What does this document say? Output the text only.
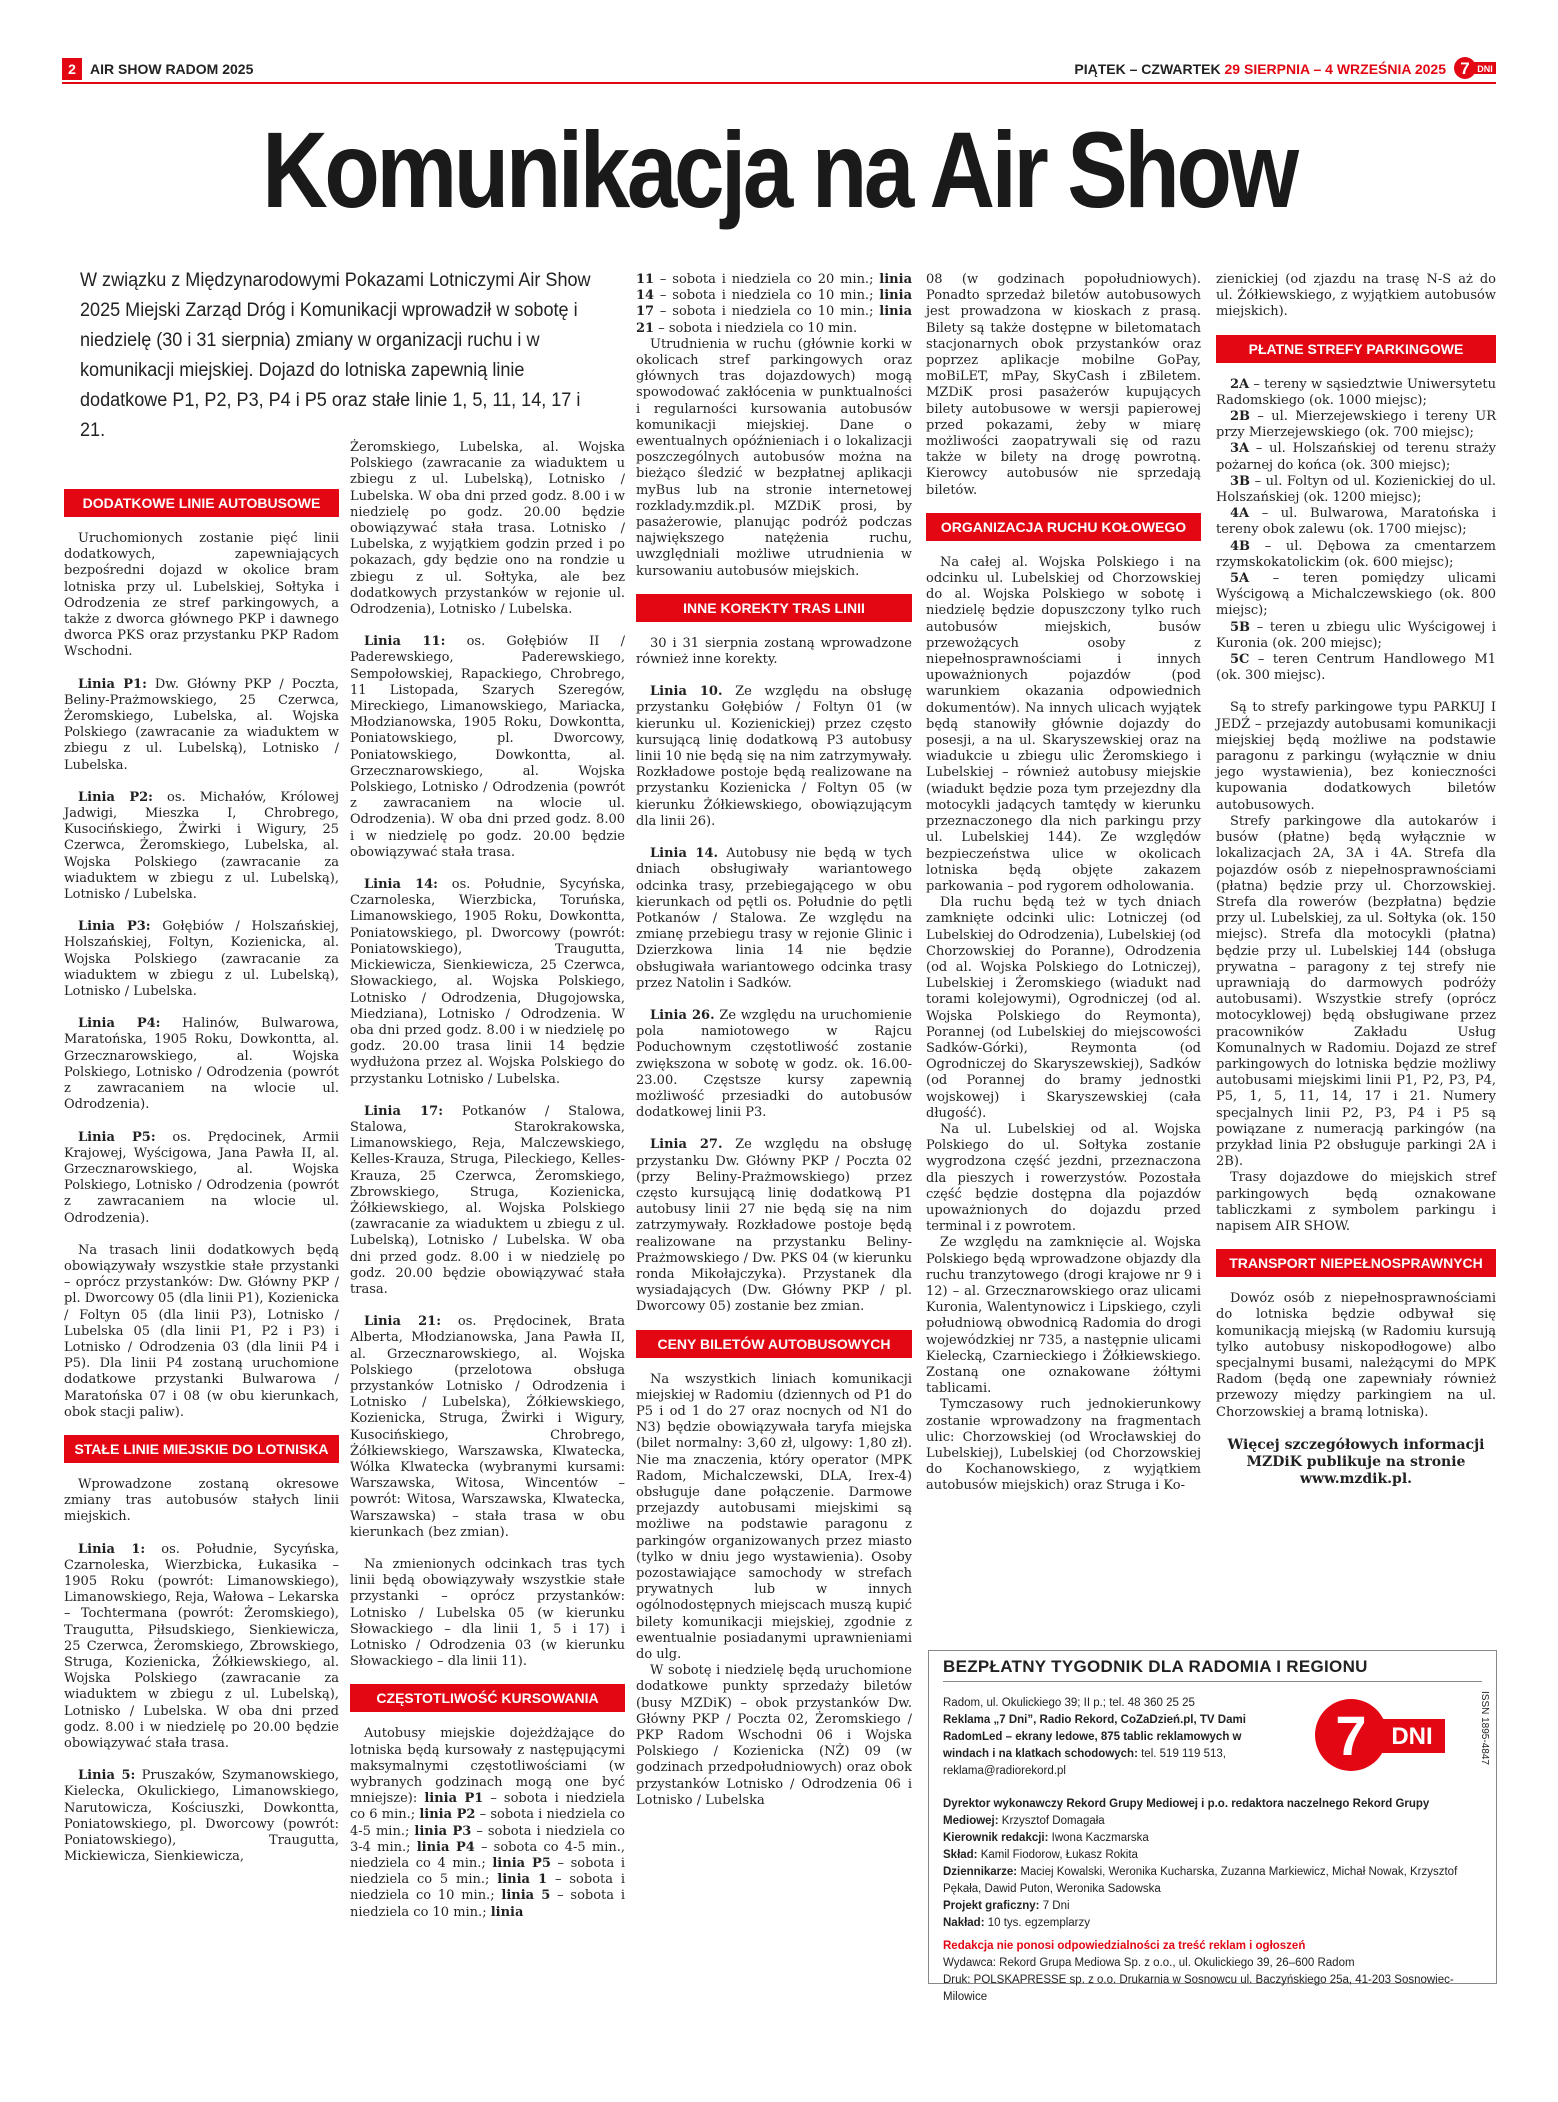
2	AIR SHOW RADOM 2025	PIĄTEK – CZWARTEK 29 SIERPNIA – 4 WRZEŚNIA 2025 7 DNI
Komunikacja na Air Show
W związku z Międzynarodowymi Pokazami Lotniczymi Air Show 2025 Miejski Zarząd Dróg i Komunikacji wprowadził w sobotę i niedzielę (30 i 31 sierpnia) zmiany w organizacji ruchu i w komunikacji miejskiej. Dojazd do lotniska zapewnią linie dodatkowe P1, P2, P3, P4 i P5 oraz stałe linie 1, 5, 11, 14, 17 i 21.
DODATKOWE LINIE AUTOBUSOWE

Uruchomionych zostanie pięć linii dodatkowych, zapewniających bezpośredni dojazd w okolice bram lotniska przy ul. Lubelskiej, Sołtyka i Odrodzenia ze stref parkingowych, a także z dworca głównego PKP i dawnego dworca PKS oraz przystanku PKP Radom Wschodni.

Linia P1: Dw. Główny PKP / Poczta, Beliny-Prażmowskiego, 25 Czerwca, Żeromskiego, Lubelska, al. Wojska Polskiego (zawracanie za wiaduktem w zbiegu z ul. Lubelską), Lotnisko / Lubelska.

Linia P2: os. Michałów, Królowej Jadwigi, Mieszka I, Chrobrego, Kusocińskiego, Żwirki i Wigury, 25 Czerwca, Żeromskiego, Lubelska, al. Wojska Polskiego (zawracanie za wiaduktem w zbiegu z ul. Lubelską), Lotnisko / Lubelska.

Linia P3: Gołębiów / Holszańskiej, Holszańskiej, Foltyn, Kozienicka, al. Wojska Polskiego (zawracanie za wiaduktem w zbiegu z ul. Lubelską), Lotnisko / Lubelska.

Linia P4: Halinów, Bulwarowa, Maratońska, 1905 Roku, Dowkontta, al. Grzecznarowskiego, al. Wojska Polskiego, Lotnisko / Odrodzenia (powrót z zawracaniem na wlocie ul. Odrodzenia).

Linia P5: os. Prędocinek, Armii Krajowej, Wyścigowa, Jana Pawła II, al. Grzecznarowskiego, al. Wojska Polskiego, Lotnisko / Odrodzenia (powrót z zawracaniem na wlocie ul. Odrodzenia).

Na trasach linii dodatkowych będą obowiązywały wszystkie stałe przystanki – oprócz przystanków: Dw. Główny PKP / pl. Dworcowy 05 (dla linii P1), Kozienicka / Foltyn 05 (dla linii P3), Lotnisko / Lubelska 05 (dla linii P1, P2 i P3) i Lotnisko / Odrodzenia 03 (dla linii P4 i P5). Dla linii P4 zostaną uruchomione dodatkowe przystanki Bulwarowa / Maratońska 07 i 08 (w obu kierunkach, obok stacji paliw).

STAŁE LINIE MIEJSKIE DO LOTNISKA

Wprowadzone zostaną okresowe zmiany tras autobusów stałych linii miejskich.

Linia 1: os. Południe, Sycyńska, Czarnoleska, Wierzbicka, Łukasika – 1905 Roku (powrót: Limanowskiego), Limanowskiego, Reja, Wałowa – Lekarska – Tochtermana (powrót: Żeromskiego), Traugutta, Piłsudskiego, Sienkiewicza, 25 Czerwca, Żeromskiego, Zbrowskiego, Struga, Kozienicka, Żółkiewskiego, al. Wojska Polskiego (zawracanie za wiaduktem w zbiegu z ul. Lubelską), Lotnisko / Lubelska. W oba dni przed godz. 8.00 i w niedzielę po 20.00 będzie obowiązywać stała trasa.

Linia 5: Pruszaków, Szymanowskiego, Kielecka, Okulickiego, Limanowskiego, Narutowicza, Kościuszki, Dowkontta, Poniatowskiego, pl. Dworcowy (powrót: Poniatowskiego), Traugutta, Mickiewicza, Sienkiewicza,

Żeromskiego, Lubelska, al. Wojska Polskiego (zawracanie za wiaduktem u zbiegu z ul. Lubelską), Lotnisko / Lubelska. W oba dni przed godz. 8.00 i w niedzielę po godz. 20.00 będzie obowiązywać stała trasa. Lotnisko / Lubelska, z wyjątkiem godzin przed i po pokazach, gdy będzie ono na rondzie u zbiegu z ul. Sołtyka, ale bez dodatkowych przystanków w rejonie ul. Odrodzenia), Lotnisko / Lubelska.

Linia 11: os. Gołębiów II / Paderewskiego, Paderewskiego, Sempołowskiej, Rapackiego, Chrobrego, 11 Listopada, Szarych Szeregów, Mireckiego, Limanowskiego, Mariacka, Młodzianowska, 1905 Roku, Dowkontta, Poniatowskiego, pl. Dworcowy, Poniatowskiego, Dowkontta, al. Grzecznarowskiego, al. Wojska Polskiego, Lotnisko / Odrodzenia (powrót z zawracaniem na wlocie ul. Odrodzenia). W oba dni przed godz. 8.00 i w niedzielę po godz. 20.00 będzie obowiązywać stała trasa.

Linia 14: os. Południe, Sycyńska, Czarnoleska, Wierzbicka, Toruńska, Limanowskiego, 1905 Roku, Dowkontta, Poniatowskiego, pl. Dworcowy (powrót: Poniatowskiego), Traugutta, Mickiewicza, Sienkiewicza, 25 Czerwca, Słowackiego, al. Wojska Polskiego, Lotnisko / Odrodzenia, Długojowska, Miedziana), Lotnisko / Odrodzenia. W oba dni przed godz. 8.00 i w niedzielę po godz. 20.00 trasa linii 14 będzie wydłużona przez al. Wojska Polskiego do przystanku Lotnisko / Lubelska.

Linia 17: Potkanów / Stalowa, Stalowa, Starokrakowska, Limanowskiego, Reja, Malczewskiego, Kelles-Krauza, Struga, Pileckiego, Kelles-Krauza, 25 Czerwca, Żeromskiego, Zbrowskiego, Struga, Kozienicka, Żółkiewskiego, al. Wojska Polskiego (zawracanie za wiaduktem u zbiegu z ul. Lubelską), Lotnisko / Lubelska. W oba dni przed godz. 8.00 i w niedzielę po godz. 20.00 będzie obowiązywać stała trasa.

Linia 21: os. Prędocinek, Brata Alberta, Młodzianowska, Jana Pawła II, al. Grzecznarowskiego, al. Wojska Polskiego (przelotowa obsługa przystanków Lotnisko / Odrodzenia i Lotnisko / Lubelska), Żółkiewskiego, Kozienicka, Struga, Żwirki i Wigury, Kusocińskiego, Chrobrego, Żółkiewskiego, Warszawska, Klwatecka, Wólka Klwatecka (wybranymi kursami: Warszawska, Witosa, Wincentów – powrót: Witosa, Warszawska, Klwatecka, Warszawska) – stała trasa w obu kierunkach (bez zmian).

Na zmienionych odcinkach tras tych linii będą obowiązywały wszystkie stałe przystanki – oprócz przystanków: Lotnisko / Lubelska 05 (w kierunku Słowackiego – dla linii 1, 5 i 17) i Lotnisko / Odrodzenia 03 (w kierunku Słowackiego – dla linii 11).

CZĘSTOTLIWOŚĆ KURSOWANIA

Autobusy miejskie dojeżdżające do lotniska będą kursowały z następującymi maksymalnymi częstotliwościami (w wybranych godzinach mogą one być mniejsze): linia P1 – sobota i niedziela co 6 min.; linia P2 – sobota i niedziela co 4-5 min.; linia P3 – sobota i niedziela co 3-4 min.; linia P4 – sobota co 4-5 min., niedziela co 4 min.; linia P5 – sobota i niedziela co 5 min.; linia 1 – sobota i niedziela co 10 min.; linia 5 – sobota i niedziela co 10 min.; linia

11 – sobota i niedziela co 20 min.; linia 14 – sobota i niedziela co 10 min.; linia 17 – sobota i niedziela co 10 min.; linia 21 – sobota i niedziela co 10 min.

Utrudnienia w ruchu (głównie korki w okolicach stref parkingowych oraz głównych tras dojazdowych) mogą spowodować zakłócenia w punktualności i regularności kursowania autobusów komunikacji miejskiej. Dane o ewentualnych opóźnieniach i o lokalizacji poszczególnych autobusów można na bieżąco śledzić w bezpłatnej aplikacji myBus lub na stronie internetowej rozklady.mzdik.pl. MZDiK prosi, by pasażerowie, planując podróż podczas największego natężenia ruchu, uwzględniali możliwe utrudnienia w kursowaniu autobusów miejskich.

INNE KOREKTY TRAS LINII

30 i 31 sierpnia zostaną wprowadzone również inne korekty.

Linia 10. Ze względu na obsługę przystanku Gołębiów / Foltyn 01 (w kierunku ul. Kozienickiej) przez często kursującą linię dodatkową P3 autobusy linii 10 nie będą się na nim zatrzymywały. Rozkładowe postoje będą realizowane na przystanku Kozienicka / Foltyn 05 (w kierunku Żółkiewskiego, obowiązującym dla linii 26).

Linia 14. Autobusy nie będą w tych dniach obsługiwały wariantowego odcinka trasy, przebiegającego w obu kierunkach od pętli os. Południe do pętli Potkanów / Stalowa. Ze względu na zmianę przebiegu trasy w rejonie Glinic i Dzierzkowa linia 14 nie będzie obsługiwała wariantowego odcinka trasy przez Natolin i Sadków.

Linia 26. Ze względu na uruchomienie pola namiotowego w Rajcu Poduchownym częstotliwość zostanie zwiększona w sobotę w godz. ok. 16.00-23.00. Częstsze kursy zapewnią możliwość przesiadki do autobusów dodatkowej linii P3.

Linia 27. Ze względu na obsługę przystanku Dw. Główny PKP / Poczta 02 (przy Beliny-Prażmowskiego) przez często kursującą linię dodatkową P1 autobusy linii 27 nie będą się na nim zatrzymywały. Rozkładowe postoje będą realizowane na przystanku Beliny-Prażmowskiego / Dw. PKS 04 (w kierunku ronda Mikołajczyka). Przystanek dla wysiadających (Dw. Główny PKP / pl. Dworcowy 05) zostanie bez zmian.

CENY BILETÓW AUTOBUSOWYCH

Na wszystkich liniach komunikacji miejskiej w Radomiu (dziennych od P1 do P5 i od 1 do 27 oraz nocnych od N1 do N3) będzie obowiązywała taryfa miejska (bilet normalny: 3,60 zł, ulgowy: 1,80 zł). Nie ma znaczenia, który operator (MPK Radom, Michalczewski, DLA, Irex-4) obsługuje dane połączenie. Darmowe przejazdy autobusami miejskimi są możliwe na podstawie paragonu z parkingów organizowanych przez miasto (tylko w dniu jego wystawienia). Osoby pozostawiające samochody w strefach prywatnych lub w innych ogólnodostępnych miejscach muszą kupić bilety komunikacji miejskiej, zgodnie z ewentualnie posiadanymi uprawnieniami do ulg.

W sobotę i niedzielę będą uruchomione dodatkowe punkty sprzedaży biletów (busy MZDiK) – obok przystanków Dw. Główny PKP / Poczta 02, Żeromskiego / PKP Radom Wschodni 06 i Wojska Polskiego / Kozienicka (NŻ) 09 (w godzinach przedpołudniowych) oraz obok przystanków Lotnisko / Odrodzenia 06 i Lotnisko / Lubelska

08 (w godzinach popołudniowych). Ponadto sprzedaż biletów autobusowych jest prowadzona w kioskach z prasą. Bilety są także dostępne w biletomatach stacjonarnych obok przystanków oraz poprzez aplikacje mobilne GoPay, moBiLET, mPay, SkyCash i zBiletem. MZDiK prosi pasażerów kupujących bilety autobusowe w wersji papierowej przed pokazami, żeby w miarę możliwości zaopatrywali się od razu także w bilety na drogę powrotną. Kierowcy autobusów nie sprzedają biletów.

ORGANIZACJA RUCHU KOŁOWEGO

Na całej al. Wojska Polskiego i na odcinku ul. Lubelskiej od Chorzowskiej do al. Wojska Polskiego w sobotę i niedzielę będzie dopuszczony tylko ruch autobusów miejskich, busów przewożących osoby z niepełnosprawnościami i innych upoważnionych pojazdów (pod warunkiem okazania odpowiednich dokumentów). Na innych ulicach wyjątek będą stanowiły głównie dojazdy do posesji, a na ul. Skaryszewskiej oraz na wiadukcie u zbiegu ulic Żeromskiego i Lubelskiej – również autobusy miejskie (wiadukt będzie poza tym przejezdny dla motocykli jadących tamtędy w kierunku przeznaczonego dla nich parkingu przy ul. Lubelskiej 144). Ze względów bezpieczeństwa ulice w okolicach lotniska będą objęte zakazem parkowania – pod rygorem odholowania.

Dla ruchu będą też w tych dniach zamknięte odcinki ulic: Lotniczej (od Lubelskiej do Odrodzenia), Lubelskiej (od Chorzowskiej do Poranne), Odrodzenia (od al. Wojska Polskiego do Lotniczej), Lubelskiej i Żeromskiego (wiadukt nad torami kolejowymi), Ogrodniczej (od al. Wojska Polskiego do Reymonta), Porannej (od Lubelskiej do miejscowości Sadków-Górki), Reymonta (od Ogrodniczej do Skaryszewskiej), Sadków (od Porannej do bramy jednostki wojskowej) i Skaryszewskiej (cała długość).

Na ul. Lubelskiej od al. Wojska Polskiego do ul. Sołtyka zostanie wygrodzona część jezdni, przeznaczona dla pieszych i rowerzystów. Pozostała część będzie dostępna dla pojazdów upoważnionych do dojazdu przed terminal i z powrotem.

Ze względu na zamknięcie al. Wojska Polskiego będą wprowadzone objazdy dla ruchu tranzytowego (drogi krajowe nr 9 i 12) – al. Grzecznarowskiego oraz ulicami Kuronia, Walentynowicz i Lipskiego, czyli południową obwodnicą Radomia do drogi wojewódzkiej nr 735, a następnie ulicami Kielecką, Czarnieckiego i Żółkiewskiego. Zostaną one oznakowane żółtymi tablicami.

Tymczasowy ruch jednokierunkowy zostanie wprowadzony na fragmentach ulic: Chorzowskiej (od Wrocławskiej do Lubelskiej), Lubelskiej (od Chorzowskiej do Kochanowskiego, z wyjątkiem autobusów miejskich) oraz Struga i Ko-

zienickiej (od zjazdu na trasę N-S aż do ul. Żółkiewskiego, z wyjątkiem autobusów miejskich).

PŁATNE STREFY PARKINGOWE

2A – tereny w sąsiedztwie Uniwersytetu Radomskiego (ok. 1000 miejsc);

2B – ul. Mierzejewskiego i tereny UR przy Mierzejewskiego (ok. 700 miejsc);

3A – ul. Holszańskiej od terenu straży pożarnej do końca (ok. 300 miejsc);

3B – ul. Foltyn od ul. Kozienickiej do ul. Holszańskiej (ok. 1200 miejsc);

4A – ul. Bulwarowa, Maratońska i tereny obok zalewu (ok. 1700 miejsc);

4B – ul. Dębowa za cmentarzem rzymskokatolickim (ok. 600 miejsc);

5A – teren pomiędzy ulicami Wyścigową a Michalczewskiego (ok. 800 miejsc);

5B – teren u zbiegu ulic Wyścigowej i Kuronia (ok. 200 miejsc);

5C – teren Centrum Handlowego M1 (ok. 300 miejsc).

Są to strefy parkingowe typu PARKUJ I JEDŹ – przejazdy autobusami komunikacji miejskiej będą możliwe na podstawie paragonu z parkingu (wyłącznie w dniu jego wystawienia), bez konieczności kupowania dodatkowych biletów autobusowych.

Strefy parkingowe dla autokarów i busów (płatne) będą wyłącznie w lokalizacjach 2A, 3A i 4A. Strefa dla pojazdów osób z niepełnosprawnościami (płatna) będzie przy ul. Chorzowskiej. Strefa dla rowerów (bezpłatna) będzie przy ul. Lubelskiej, za ul. Sołtyka (ok. 150 miejsc). Strefa dla motocykli (płatna) będzie przy ul. Lubelskiej 144 (obsługa prywatna – paragony z tej strefy nie uprawniają do darmowych podróży autobusami). Wszystkie strefy (oprócz motocyklowej) będą obsługiwane przez pracowników Zakładu Usług Komunalnych w Radomiu. Dojazd ze stref parkingowych do lotniska będzie możliwy autobusami miejskimi linii P1, P2, P3, P4, P5, 1, 5, 11, 14, 17 i 21. Numery specjalnych linii P2, P3, P4 i P5 są powiązane z numeracją parkingów (na przykład linia P2 obsługuje parkingi 2A i 2B).

Trasy dojazdowe do miejskich stref parkingowych będą oznakowane tabliczkami z symbolem parkingu i napisem AIR SHOW.

TRANSPORT NIEPEŁNOSPRAWNYCH

Dowóz osób z niepełnosprawnościami do lotniska będzie odbywał się komunikacją miejską (w Radomiu kursują tylko autobusy niskopodłogowe) albo specjalnymi busami, należącymi do MPK Radom (będą one zapewniały również przewozy między parkingiem na ul. Chorzowskiej a bramą lotniska).

Więcej szczegółowych informacji MZDiK publikuje na stronie www.mzdik.pl.

BEZPŁATNY TYGODNIK DLA RADOMIA I REGIONU
Radom, ul. Okulickiego 39; II p.; tel. 48 360 25 25
Reklama „7 Dni”, Radio Rekord, CoZaDzień.pl, TV Dami RadomLed – ekrany ledowe, 875 tablic reklamowych w windach i na klatkach schodowych: tel. 519 119 513,
reklama@radiorekord.pl
7 DNI	ISSN 1895-4847
Dyrektor wykonawczy Rekord Grupy Mediowej i p.o. redaktora naczelnego Rekord Grupy
Mediowej: Krzysztof Domagała
Kierownik redakcji: Iwona Kaczmarska
Skład: Kamil Fiodorow, Łukasz Rokita
Dziennikarze: Maciej Kowalski, Weronika Kucharska, Zuzanna Markiewicz, Michał Nowak, Krzysztof Pękała, Dawid Puton, Weronika Sadowska
Projekt graficzny: 7 Dni
Nakład: 10 tys. egzemplarzy
Redakcja nie ponosi odpowiedzialności za treść reklam i ogłoszeń
Wydawca: Rekord Grupa Mediowa Sp. z o.o., ul. Okulickiego 39, 26–600 Radom
Druk: POLSKAPRESSE sp. z o.o. Drukarnia w Sosnowcu ul. Baczyńskiego 25a, 41-203 Sosnowiec-Milowice
